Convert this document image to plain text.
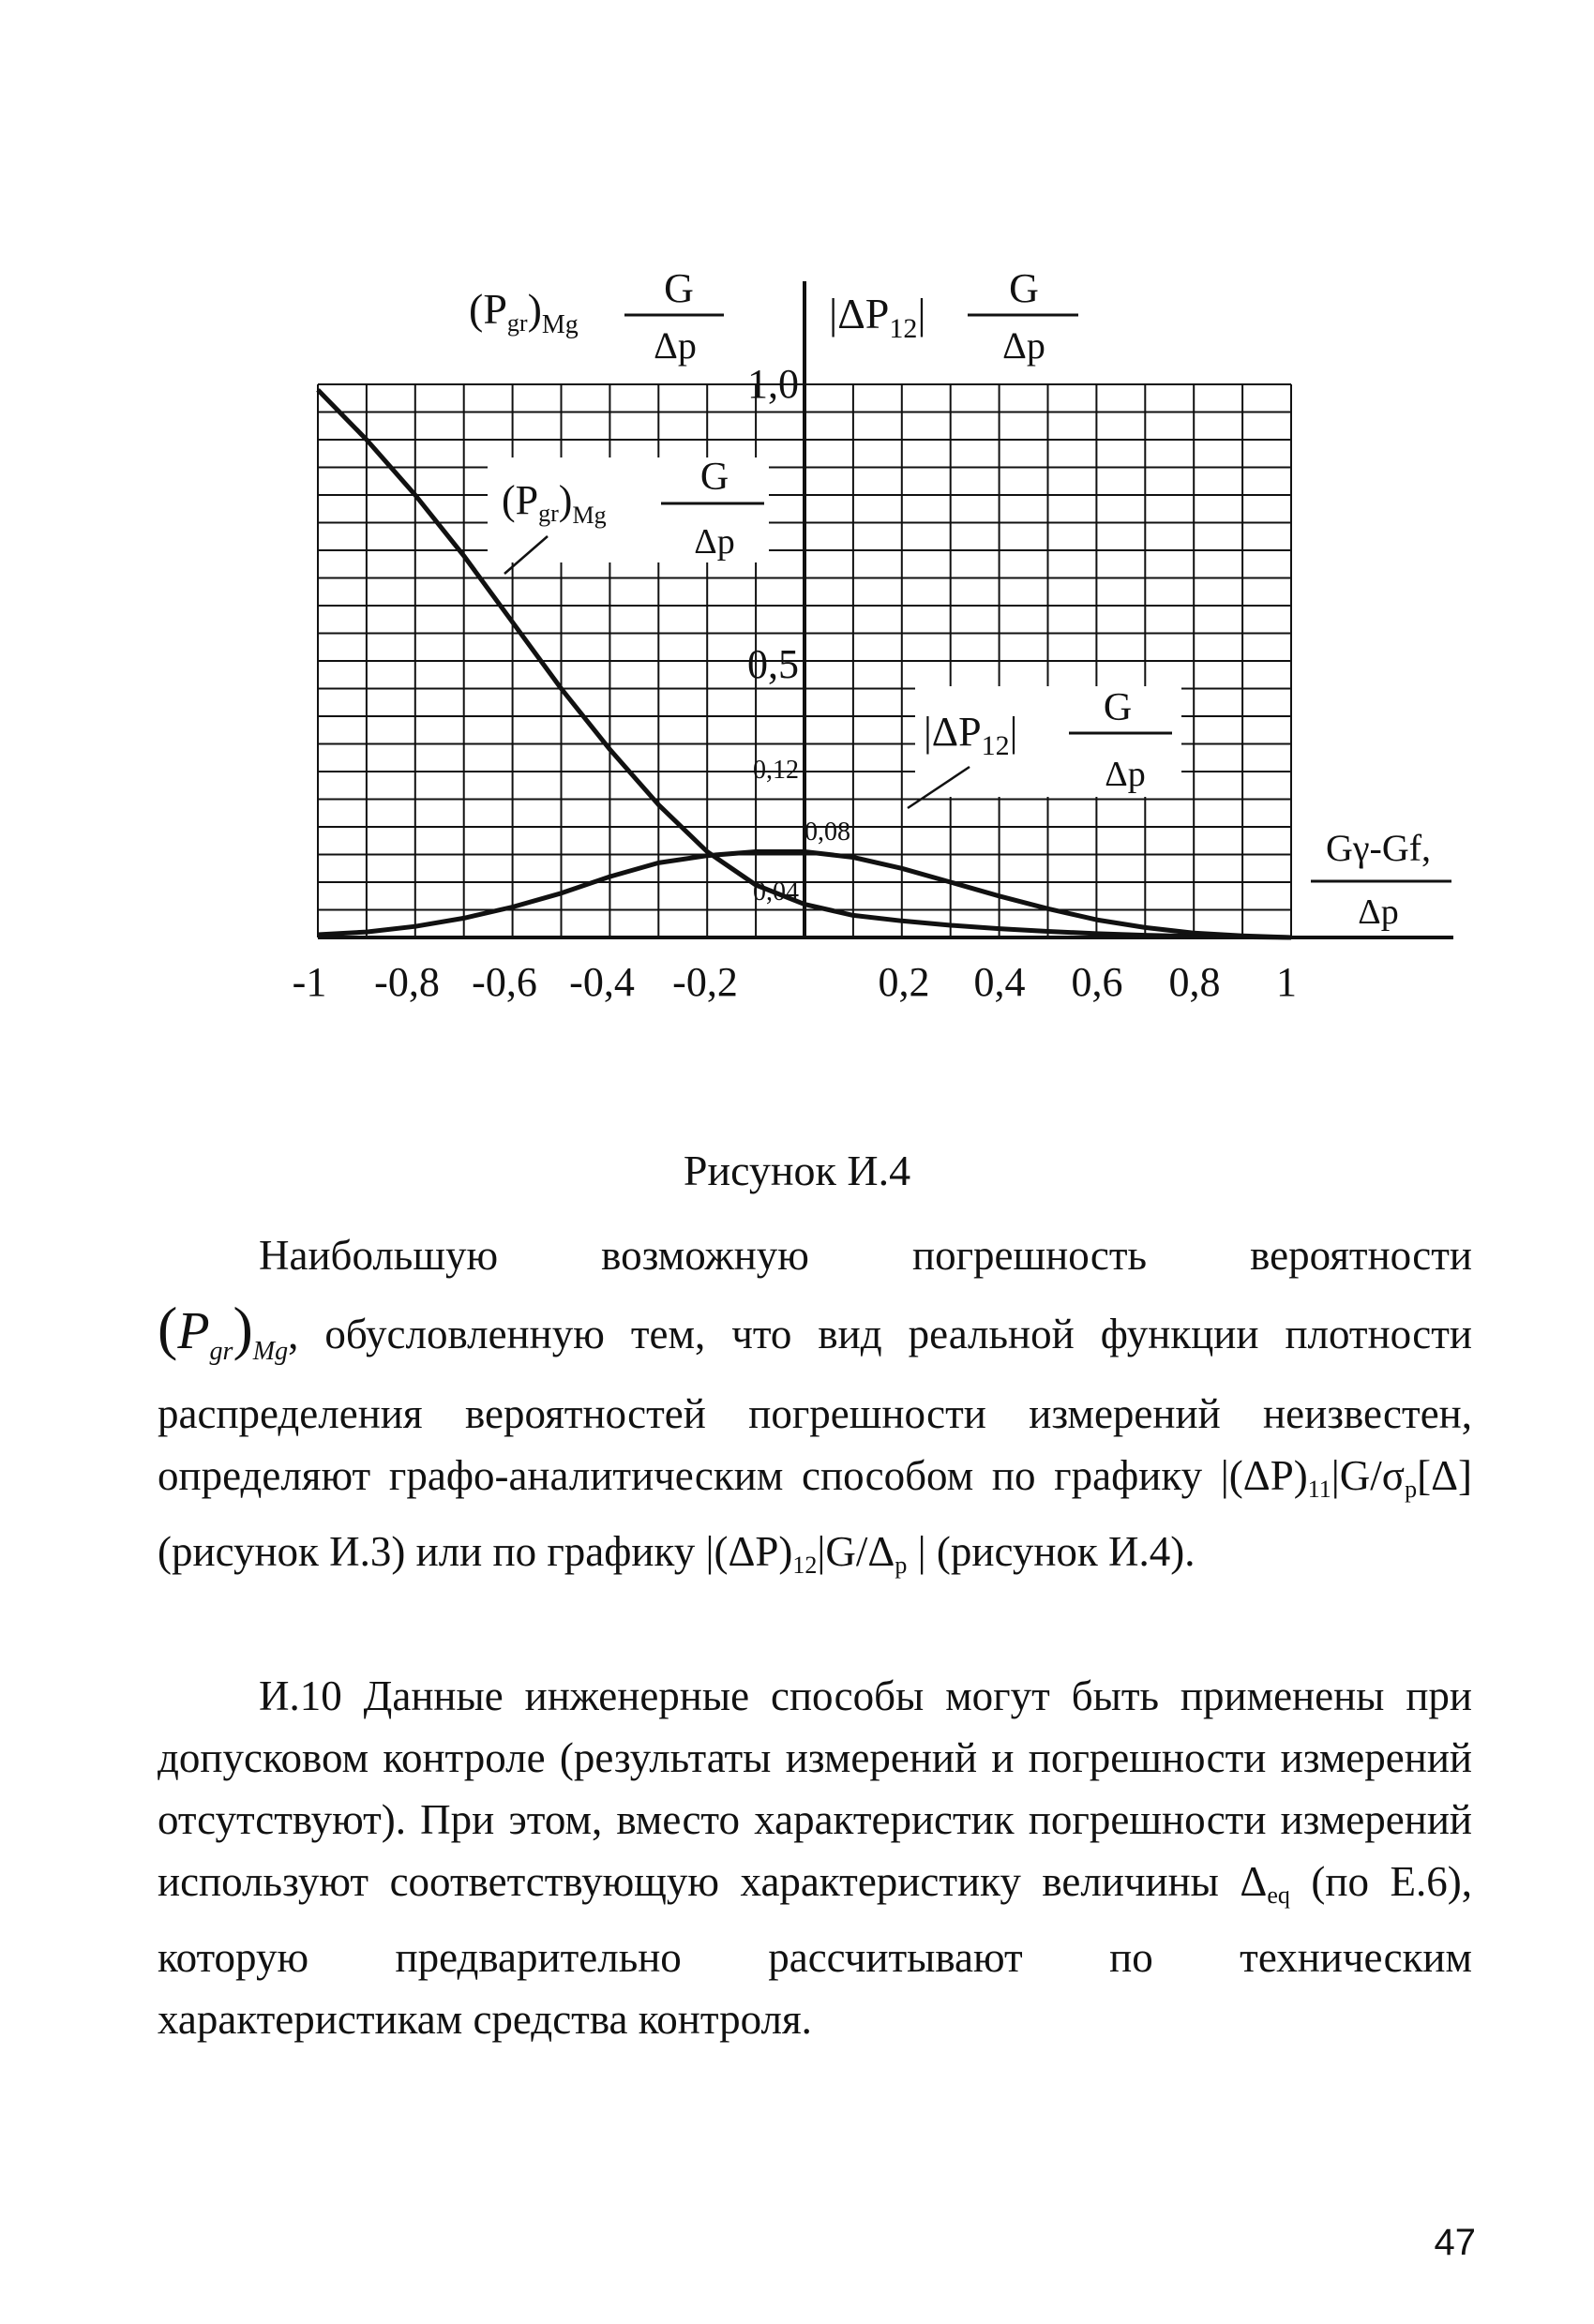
1,0
0,5
0,12
0,08
0,04
-1 -0,8 -0,6 -0,4 -0,2	0,2 0,4 0,6 0,8 1
$(Pgr)_{Mg}$
G
Δp
$|\Delta P_{12}|$
G
Δp
$(Pgr)_{Mg}$
G
Δp
$|\Delta P_{12}|$
G
Δp
Gγ-Gf,
Δp
Рисунок И.4

Наибольшую возможную погрешность вероятности

$(P_{gr})_{Mg}$, обусловленную тем, что вид реальной функции плотности распределения вероятностей погрешности измерений неизвестен, определяют графо-аналитическим способом по графику |(ΔP)11|G/σp[Δ] (рисунок И.3) или по графику |(ΔP)12|G/Δp | (рисунок И.4).

И.10 Данные инженерные способы могут быть применены при допусковом контроле (результаты измерений и погрешности измерений отсутствуют). При этом, вместо характеристик погрешности измерений используют соответствующую характеристику величины Δeq (по Е.6), которую предварительно рассчитывают по техническим характеристикам средства контроля.

47
